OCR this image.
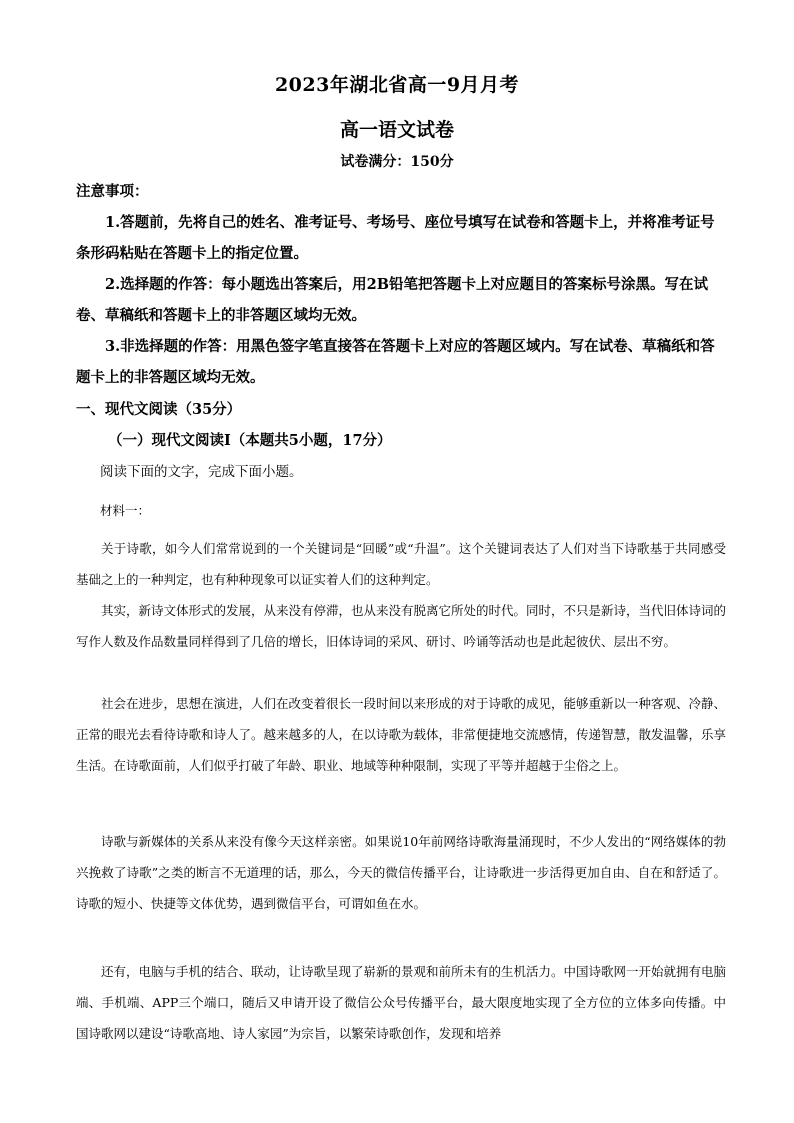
2023年湖北省高一9月月考
高一语文试卷
试卷满分：150分
注意事项：
1.答题前，先将自己的姓名、准考证号、考场号、座位号填写在试卷和答题卡上，并将准考证号条形码粘贴在答题卡上的指定位置。
2.选择题的作答：每小题选出答案后，用2B铅笔把答题卡上对应题目的答案标号涂黑。写在试卷、草稿纸和答题卡上的非答题区域均无效。
3.非选择题的作答：用黑色签字笔直接答在答题卡上对应的答题区域内。写在试卷、草稿纸和答题卡上的非答题区域均无效。
一、现代文阅读（35分）
（一）现代文阅读Ⅰ（本题共5小题，17分）
阅读下面的文字，完成下面小题。
材料一：
关于诗歌，如今人们常常说到的一个关键词是“回暖”或“升温”。这个关键词表达了人们对当下诗歌基于共同感受基础之上的一种判定，也有种种现象可以证实着人们的这种判定。
其实，新诗文体形式的发展，从来没有停滞，也从来没有脱离它所处的时代。同时，不只是新诗，当代旧体诗词的写作人数及作品数量同样得到了几倍的增长，旧体诗词的采风、研讨、吟诵等活动也是此起彼伏、层出不穷。
社会在进步，思想在演进，人们在改变着很长一段时间以来形成的对于诗歌的成见，能够重新以一种客观、冷静、正常的眼光去看待诗歌和诗人了。越来越多的人，在以诗歌为载体，非常便捷地交流感情，传递智慧，散发温馨，乐享生活。在诗歌面前，人们似乎打破了年龄、职业、地域等种种限制，实现了平等并超越于尘俗之上。
诗歌与新媒体的关系从来没有像今天这样亲密。如果说10年前网络诗歌海量涌现时，不少人发出的“网络媒体的勃兴挽救了诗歌”之类的断言不无道理的话，那么，今天的微信传播平台，让诗歌进一步活得更加自由、自在和舒适了。诗歌的短小、快捷等文体优势，遇到微信平台，可谓如鱼在水。
还有，电脑与手机的结合、联动，让诗歌呈现了崭新的景观和前所未有的生机活力。中国诗歌网一开始就拥有电脑端、手机端、APP三个端口，随后又申请开设了微信公众号传播平台，最大限度地实现了全方位的立体多向传播。中国诗歌网以建设“诗歌高地、诗人家园”为宗旨，以繁荣诗歌创作，发现和培养
